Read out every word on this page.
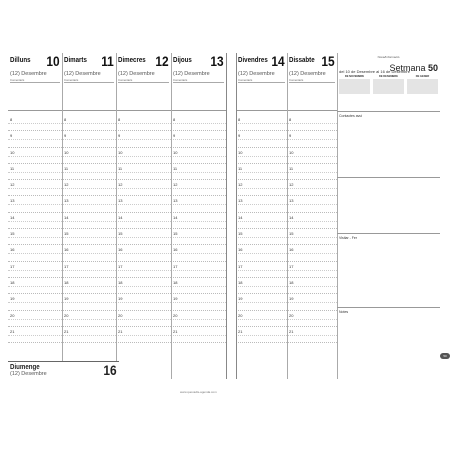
Dilluns 10
(12) Desembre
Comentaris
8
9
10
11
12
13
14
15
16
17
18
19
20
21
Dimarts 11
(12) Desembre
Comentaris
8
9
10
11
12
13
14
15
16
17
18
19
20
21
Dimecres 12
(12) Desembre
Comentaris
8
9
10
11
12
13
14
15
16
17
18
19
20
21
Dijous 13
(12) Desembre
Comentaris
8
9
10
11
12
13
14
15
16
17
18
19
20
21
Divendres 14
(12) Desembre
Comentaris
8
9
10
11
12
13
14
15
16
17
18
19
20
21
Dissabte 15
(12) Desembre
Comentaris
8
9
10
11
12
13
14
15
16
17
18
19
20
21
Diumenge
(12) Desembre	16
Nova/Informació
del 10 de Desembre al 16 de Desembre
Setmana 50
DE NOVEMBRE	DE DESEMBRE	DE GENER
Contactes avui
Visitar - Fer
Notes
www.quovadis-agenda.com
50
